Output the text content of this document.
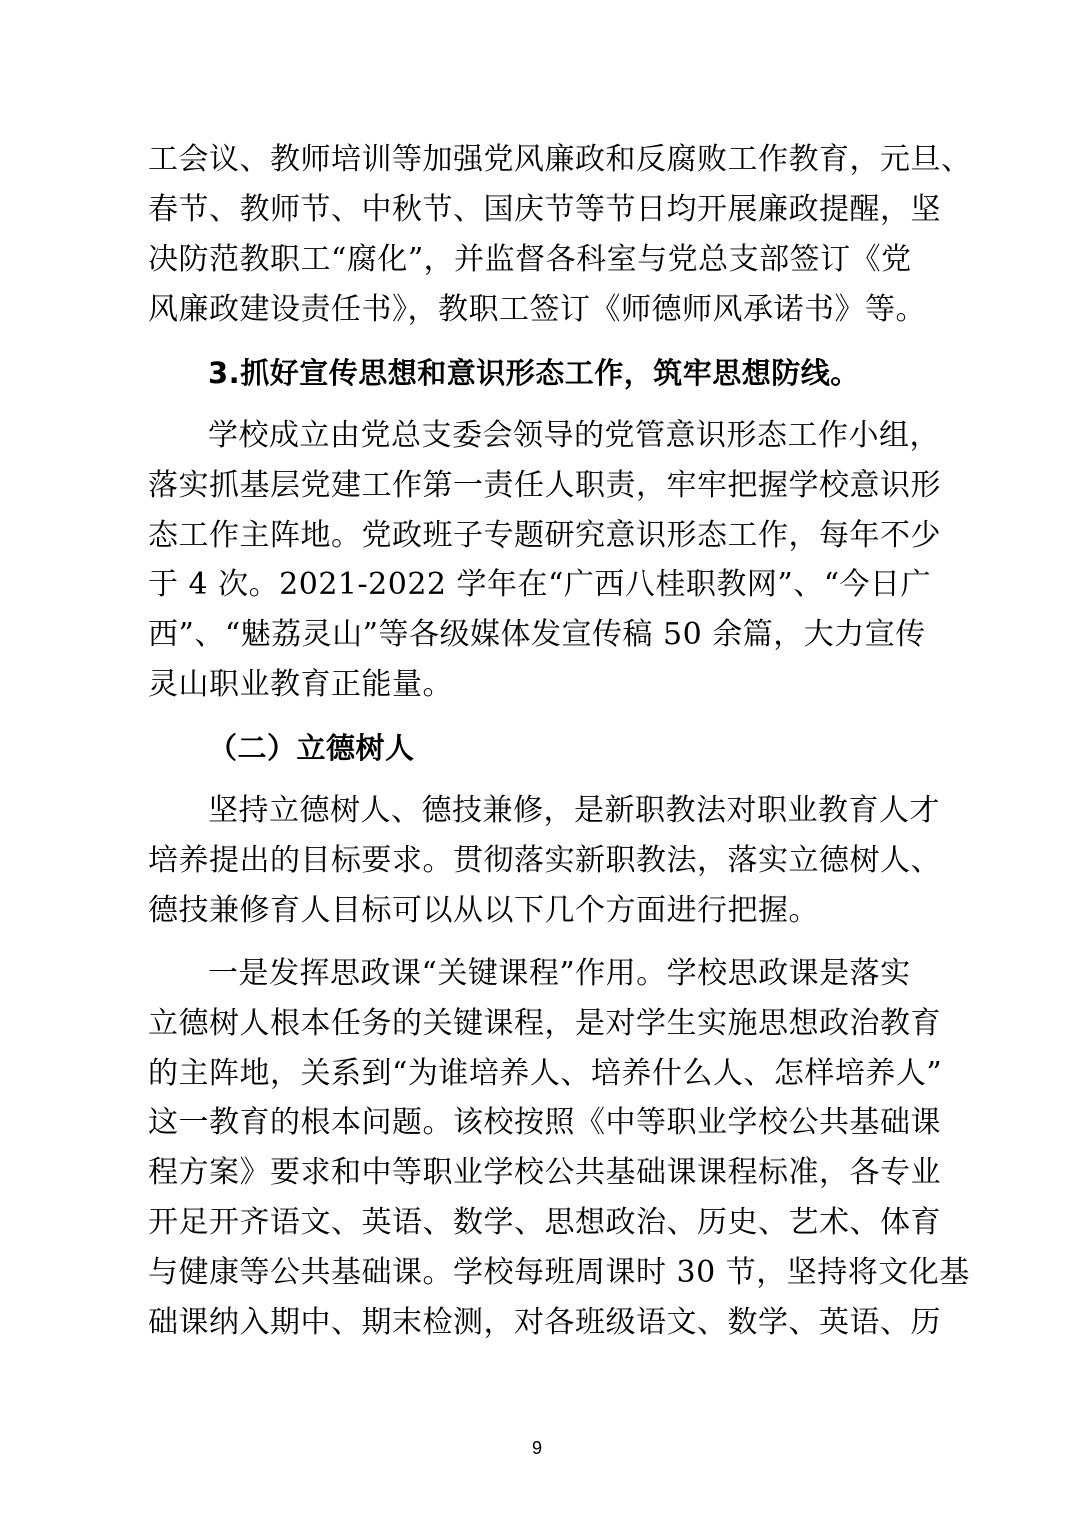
工会议、教师培训等加强党风廉政和反腐败工作教育，元旦、
春节、教师节、中秋节、国庆节等节日均开展廉政提醒，坚
决防范教职工“腐化”，并监督各科室与党总支部签订《党
风廉政建设责任书》，教职工签订《师德师风承诺书》等。
3.抓好宣传思想和意识形态工作，筑牢思想防线。
学校成立由党总支委会领导的党管意识形态工作小组，
落实抓基层党建工作第一责任人职责，牢牢把握学校意识形
态工作主阵地。党政班子专题研究意识形态工作，每年不少
于 4 次。2021-2022 学年在“广西八桂职教网”、“今日广
西”、“魅荔灵山”等各级媒体发宣传稿 50 余篇，大力宣传
灵山职业教育正能量。
（二）立德树人
坚持立德树人、德技兼修，是新职教法对职业教育人才
培养提出的目标要求。贯彻落实新职教法，落实立德树人、
德技兼修育人目标可以从以下几个方面进行把握。
一是发挥思政课“关键课程”作用。学校思政课是落实
立德树人根本任务的关键课程，是对学生实施思想政治教育
的主阵地，关系到“为谁培养人、培养什么人、怎样培养人”
这一教育的根本问题。该校按照《中等职业学校公共基础课
程方案》要求和中等职业学校公共基础课课程标准，各专业
开足开齐语文、英语、数学、思想政治、历史、艺术、体育
与健康等公共基础课。学校每班周课时 30 节，坚持将文化基
础课纳入期中、期末检测，对各班级语文、数学、英语、历
9
